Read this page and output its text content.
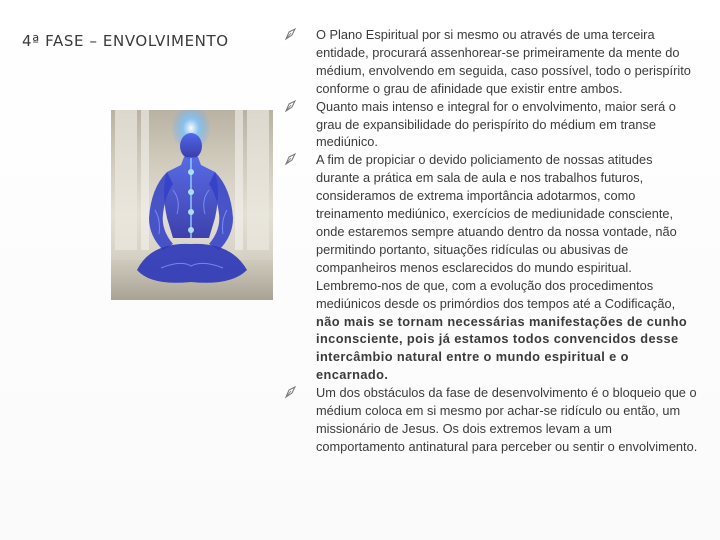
4ª FASE – ENVOLVIMENTO	O Plano Espiritual por si mesmo ou através de uma terceira entidade, procurará assenhorear-se primeiramente da mente do médium, envolvendo em seguida, caso possível, todo o perispírito conforme o grau de afinidade que existir entre ambos.
Quanto mais intenso e integral for o envolvimento, maior será o grau de expansibilidade do perispírito do médium em transe mediúnico.
A fim de propiciar o devido policiamento de nossas atitudes durante a prática em sala de aula e nos trabalhos futuros, consideramos de extrema importância adotarmos, como treinamento mediúnico, exercícios de mediunidade consciente, onde estaremos sempre atuando dentro da nossa vontade, não permitindo portanto, situações ridículas ou abusivas de companheiros menos esclarecidos do mundo espiritual. Lembremo-nos de que, com a evolução dos procedimentos mediúnicos desde os primórdios dos tempos até a Codificação, não mais se tornam necessárias manifestações de cunho inconsciente, pois já estamos todos convencidos desse intercâmbio natural entre o mundo espiritual e o encarnado.
Um dos obstáculos da fase de desenvolvimento é o bloqueio que o médium coloca em si mesmo por achar-se ridículo ou então, um missionário de Jesus. Os dois extremos levam a um comportamento antinatural para perceber ou sentir o envolvimento.
